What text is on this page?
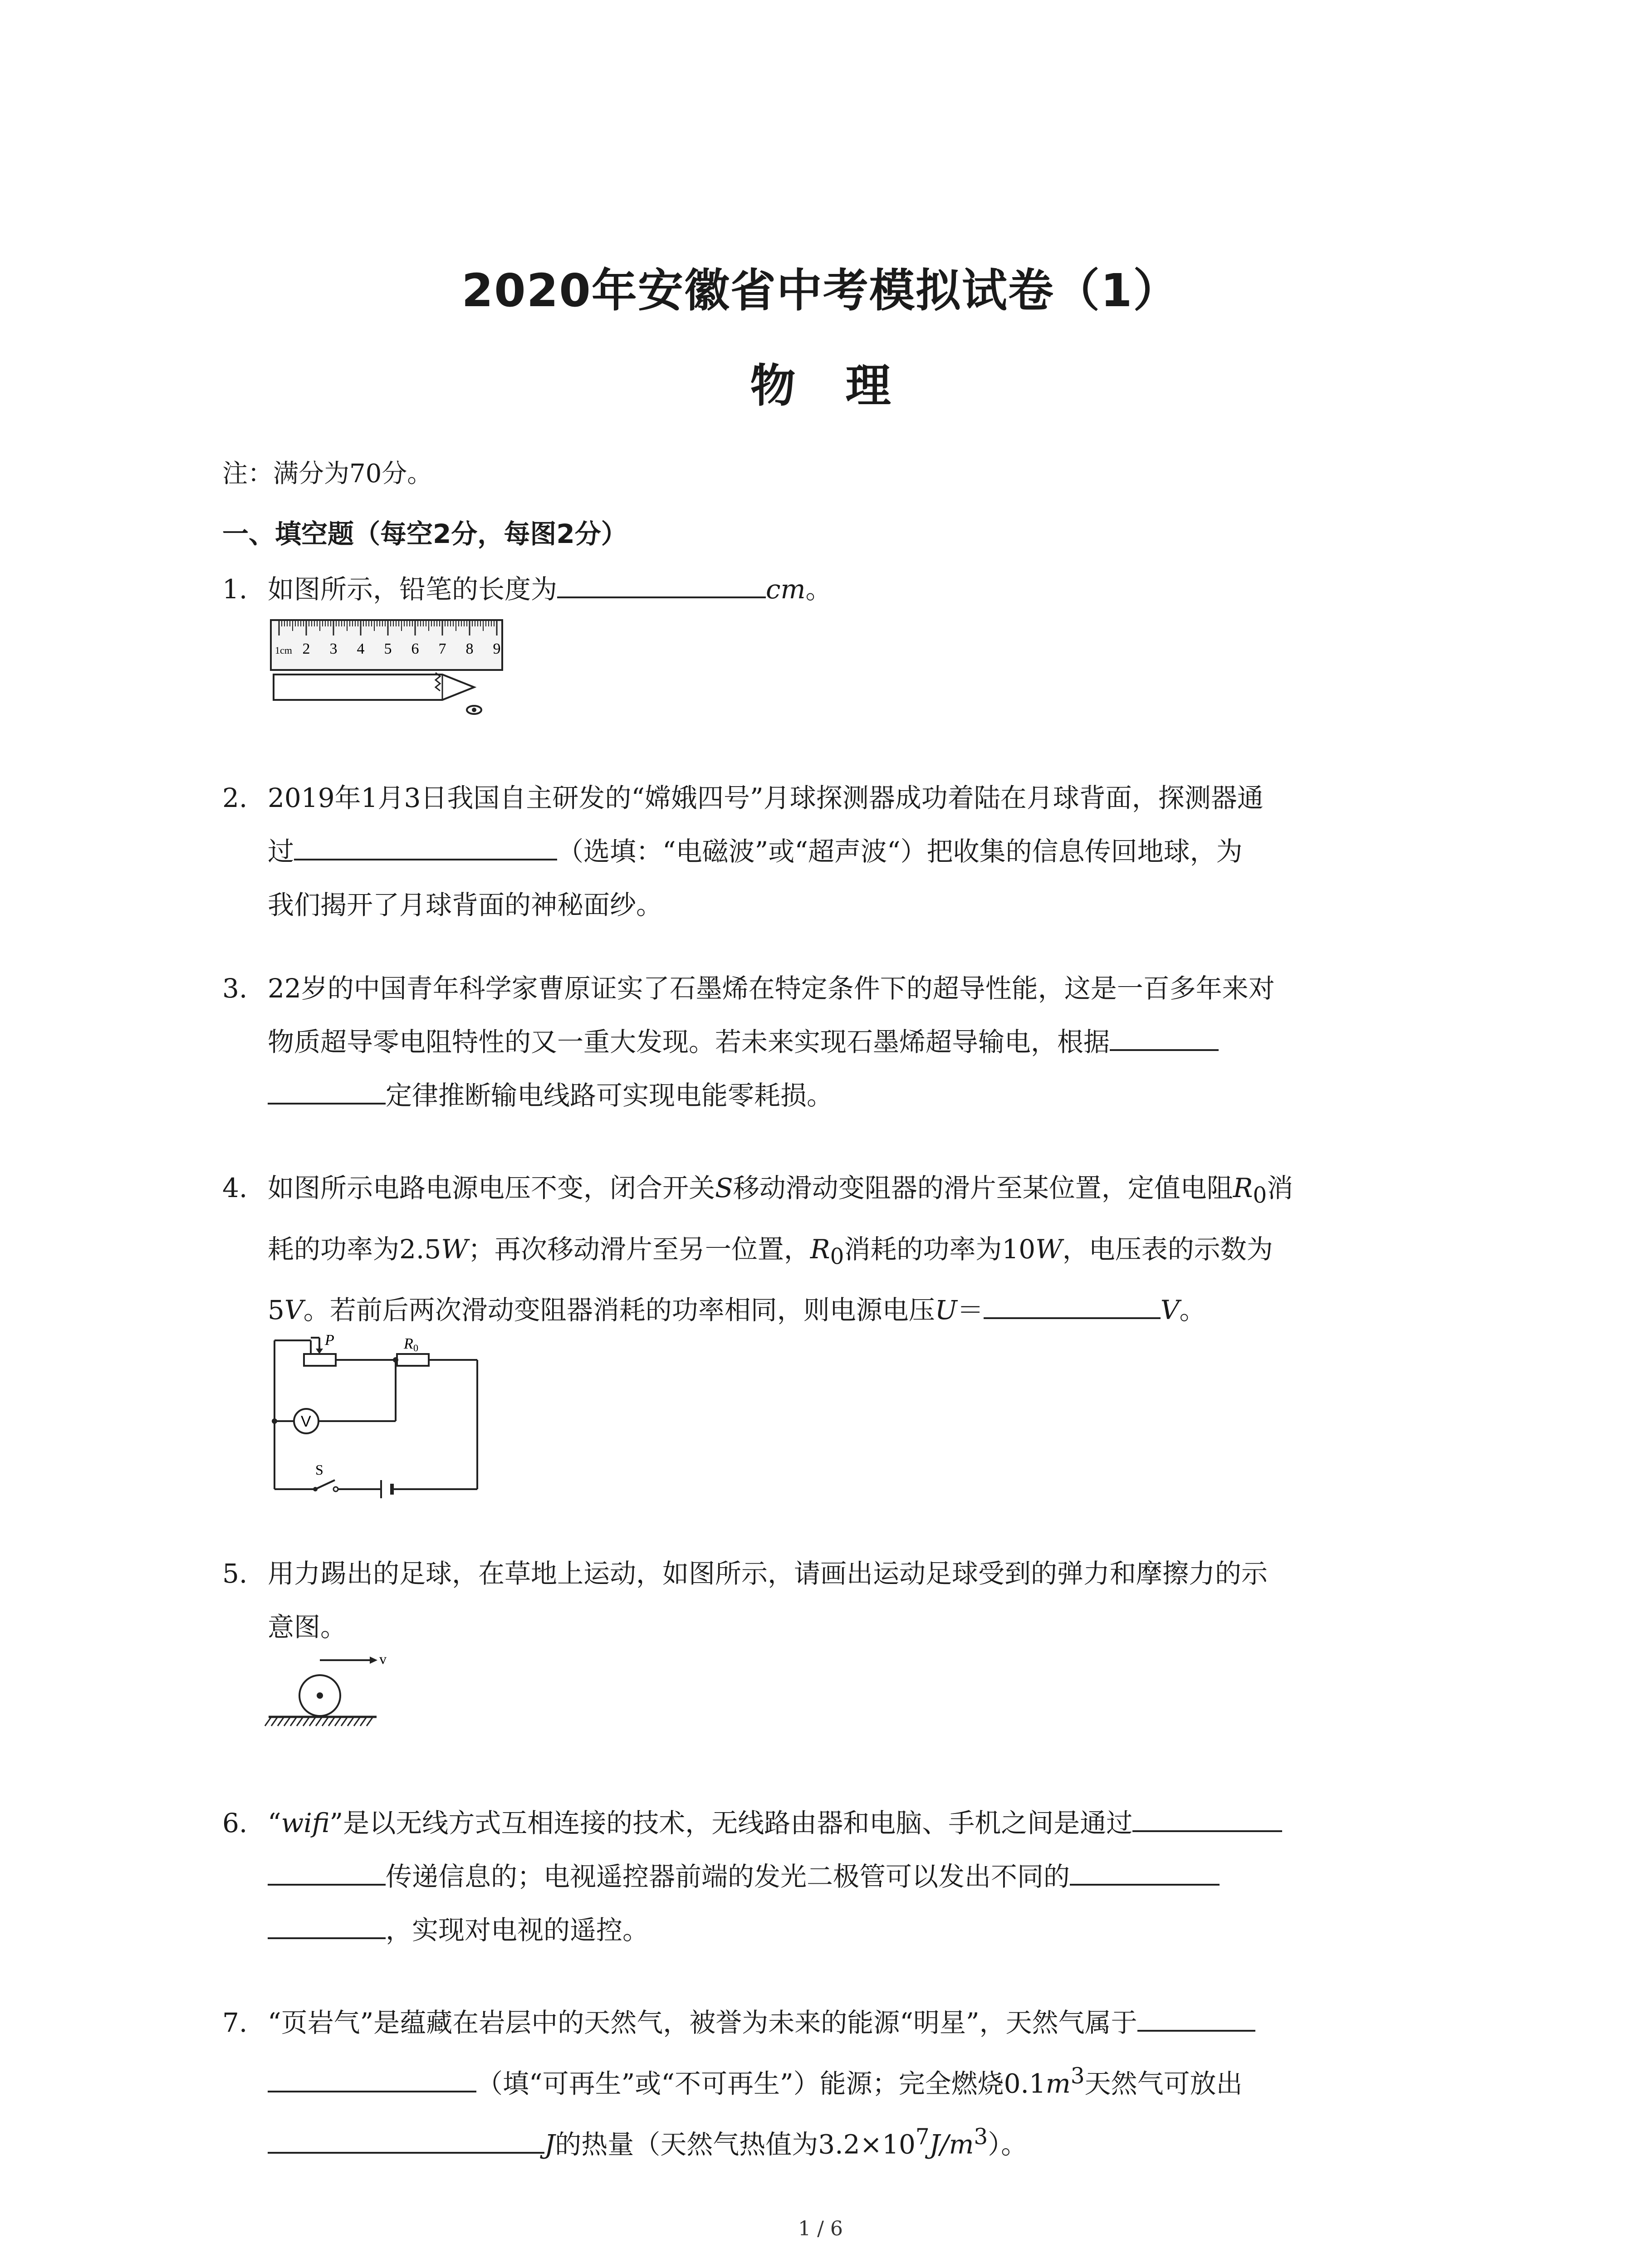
2020年安徽省中考模拟试卷（1）
物理
注：满分为70分。
一、填空题（每空2分，每图2分）
1. 如图所示，铅笔的长度为	cm。
1cm 2 3 4 5 6 7 8 9
2. 2019年1月3日我国自主研发的“嫦娥四号”月球探测器成功着陆在月球背面，探测器通
过	（选填：“电磁波”或“超声波“）把收集的信息传回地球，为
我们揭开了月球背面的神秘面纱。
3. 22岁的中国青年科学家曹原证实了石墨烯在特定条件下的超导性能，这是一百多年来对
物质超导零电阻特性的又一重大发现。若未来实现石墨烯超导输电，根据
定律推断输电线路可实现电能零耗损。
4. 如图所示电路电源电压不变，闭合开关S移动滑动变阻器的滑片至某位置，定值电阻$R_0$消
耗的功率为2.5W；再次移动滑片至另一位置，$R_0$消耗的功率为10W，电压表的示数为
5V。若前后两次滑动变阻器消耗的功率相同，则电源电压U＝	V。
P	R 0
V
S
5. 用力踢出的足球，在草地上运动，如图所示，请画出运动足球受到的弹力和摩擦力的示
意图。
v
6. “wifi”是以无线方式互相连接的技术，无线路由器和电脑、手机之间是通过
传递信息的；电视遥控器前端的发光二极管可以发出不同的
，实现对电视的遥控。
7. “页岩气”是蕴藏在岩层中的天然气，被誉为未来的能源“明星”，天然气属于
（填“可再生”或“不可再生”）能源；完全燃烧$0.1m^3$天然气可放出
J的热量（天然气热值为$3.2\times 10^7J/m^3$）。
1 / 6
